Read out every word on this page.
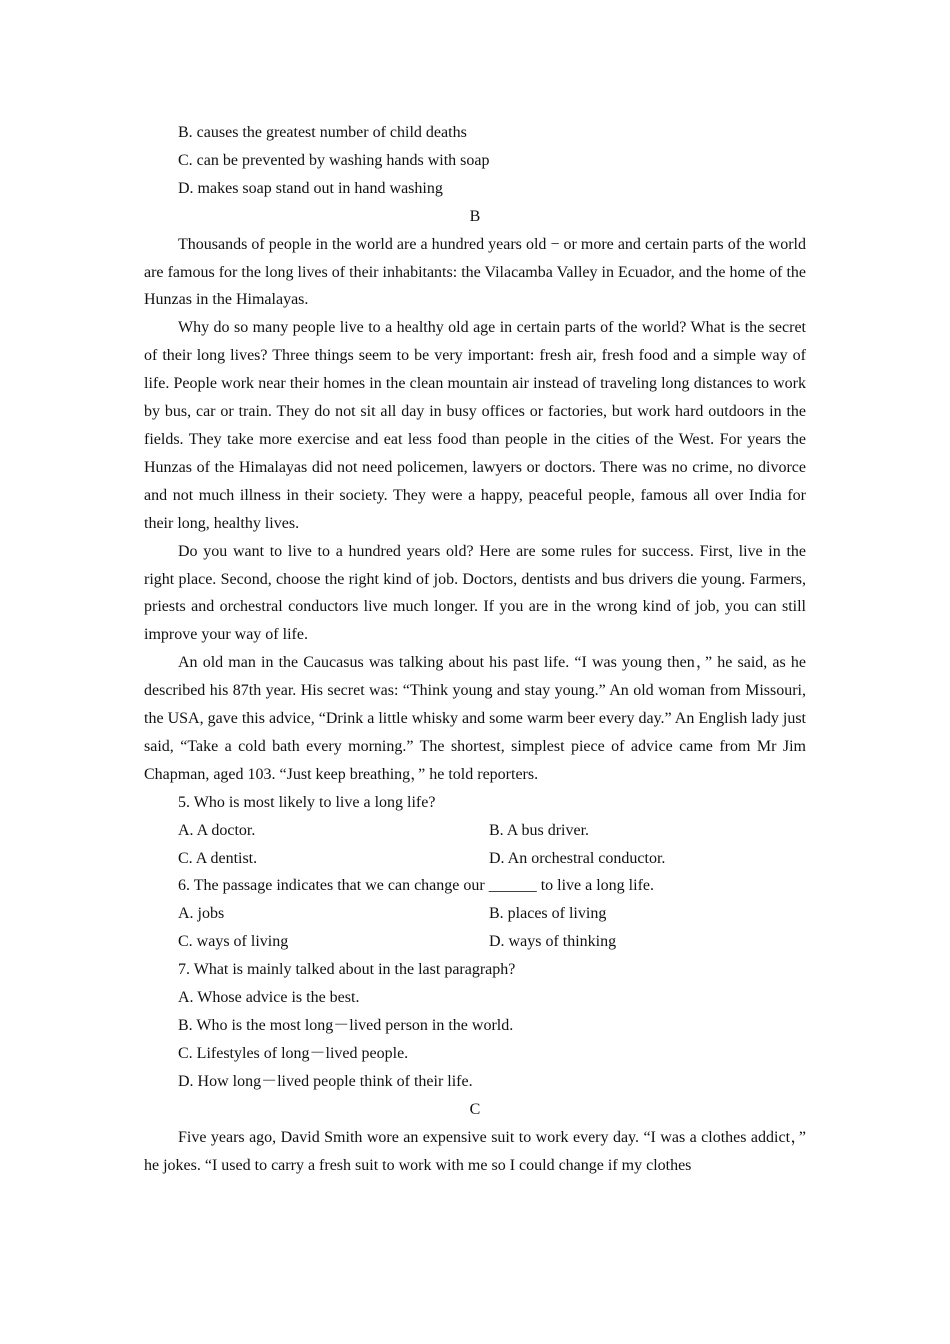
B. causes the greatest number of child deaths

C. can be prevented by washing hands with soap

D. makes soap stand out in hand washing

B

Thousands of people in the world are a hundred years old − or more and certain parts of the world are famous for the long lives of their inhabitants: the Vilacamba Valley in Ecuador, and the home of the Hunzas in the Himalayas.

Why do so many people live to a healthy old age in certain parts of the world? What is the secret of their long lives? Three things seem to be very important: fresh air, fresh food and a simple way of life. People work near their homes in the clean mountain air instead of traveling long distances to work by bus, car or train. They do not sit all day in busy offices or factories, but work hard outdoors in the fields. They take more exercise and eat less food than people in the cities of the West. For years the Hunzas of the Himalayas did not need policemen, lawyers or doctors. There was no crime, no divorce and not much illness in their society. They were a happy, peaceful people, famous all over India for their long, healthy lives.

Do you want to live to a hundred years old? Here are some rules for success. First, live in the right place. Second, choose the right kind of job. Doctors, dentists and bus drivers die young. Farmers, priests and orchestral conductors live much longer. If you are in the wrong kind of job, you can still improve your way of life.

An old man in the Caucasus was talking about his past life. “I was young then，” he said, as he described his 87th year. His secret was: “Think young and stay young.” An old woman from Missouri, the USA, gave this advice, “Drink a little whisky and some warm beer every day.” An English lady just said, “Take a cold bath every morning.” The shortest, simplest piece of advice came from Mr Jim Chapman, aged 103. “Just keep breathing，” he told reporters.

5. Who is most likely to live a long life?

A. A doctor.	B. A bus driver.
C. A dentist.	D. An orchestral conductor.

6. The passage indicates that we can change our ______ to live a long life.

A. jobs	B. places of living
C. ways of living	D. ways of thinking

7. What is mainly talked about in the last paragraph?

A. Whose advice is the best.

B. Who is the most long－lived person in the world.

C. Lifestyles of long－lived people.

D. How long－lived people think of their life.

C

Five years ago, David Smith wore an expensive suit to work every day. “I was a clothes addict，” he jokes. “I used to carry a fresh suit to work with me so I could change if my clothes
